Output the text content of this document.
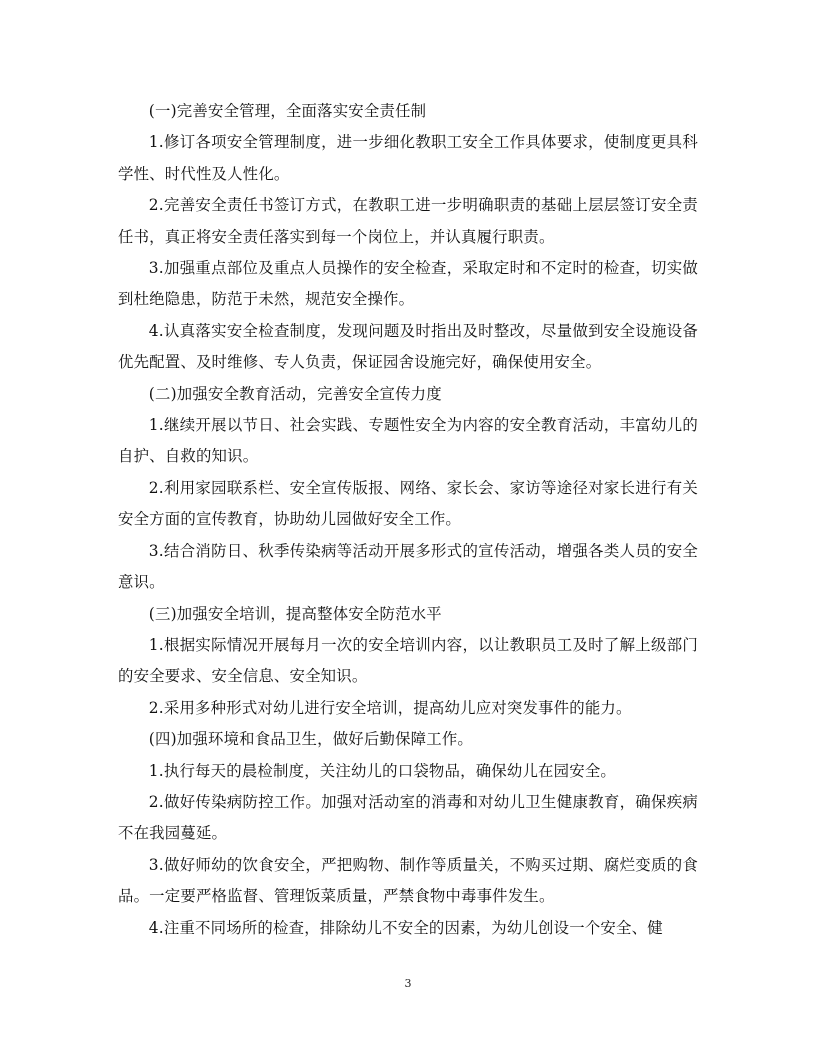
(一)完善安全管理，全面落实安全责任制

1.修订各项安全管理制度，进一步细化教职工安全工作具体要求，使制度更具科学性、时代性及人性化。

2.完善安全责任书签订方式，在教职工进一步明确职责的基础上层层签订安全责任书，真正将安全责任落实到每一个岗位上，并认真履行职责。

3.加强重点部位及重点人员操作的安全检查，采取定时和不定时的检查，切实做到杜绝隐患，防范于未然，规范安全操作。

4.认真落实安全检查制度，发现问题及时指出及时整改，尽量做到安全设施设备优先配置、及时维修、专人负责，保证园舍设施完好，确保使用安全。

(二)加强安全教育活动，完善安全宣传力度

1.继续开展以节日、社会实践、专题性安全为内容的安全教育活动，丰富幼儿的自护、自救的知识。

2.利用家园联系栏、安全宣传版报、网络、家长会、家访等途径对家长进行有关安全方面的宣传教育，协助幼儿园做好安全工作。

3.结合消防日、秋季传染病等活动开展多形式的宣传活动，增强各类人员的安全意识。

(三)加强安全培训，提高整体安全防范水平

1.根据实际情况开展每月一次的安全培训内容，以让教职员工及时了解上级部门的安全要求、安全信息、安全知识。

2.采用多种形式对幼儿进行安全培训，提高幼儿应对突发事件的能力。

(四)加强环境和食品卫生，做好后勤保障工作。

1.执行每天的晨检制度，关注幼儿的口袋物品，确保幼儿在园安全。

2.做好传染病防控工作。加强对活动室的消毒和对幼儿卫生健康教育，确保疾病不在我园蔓延。

3.做好师幼的饮食安全，严把购物、制作等质量关，不购买过期、腐烂变质的食品。一定要严格监督、管理饭菜质量，严禁食物中毒事件发生。

4.注重不同场所的检查，排除幼儿不安全的因素，为幼儿创设一个安全、健

3
